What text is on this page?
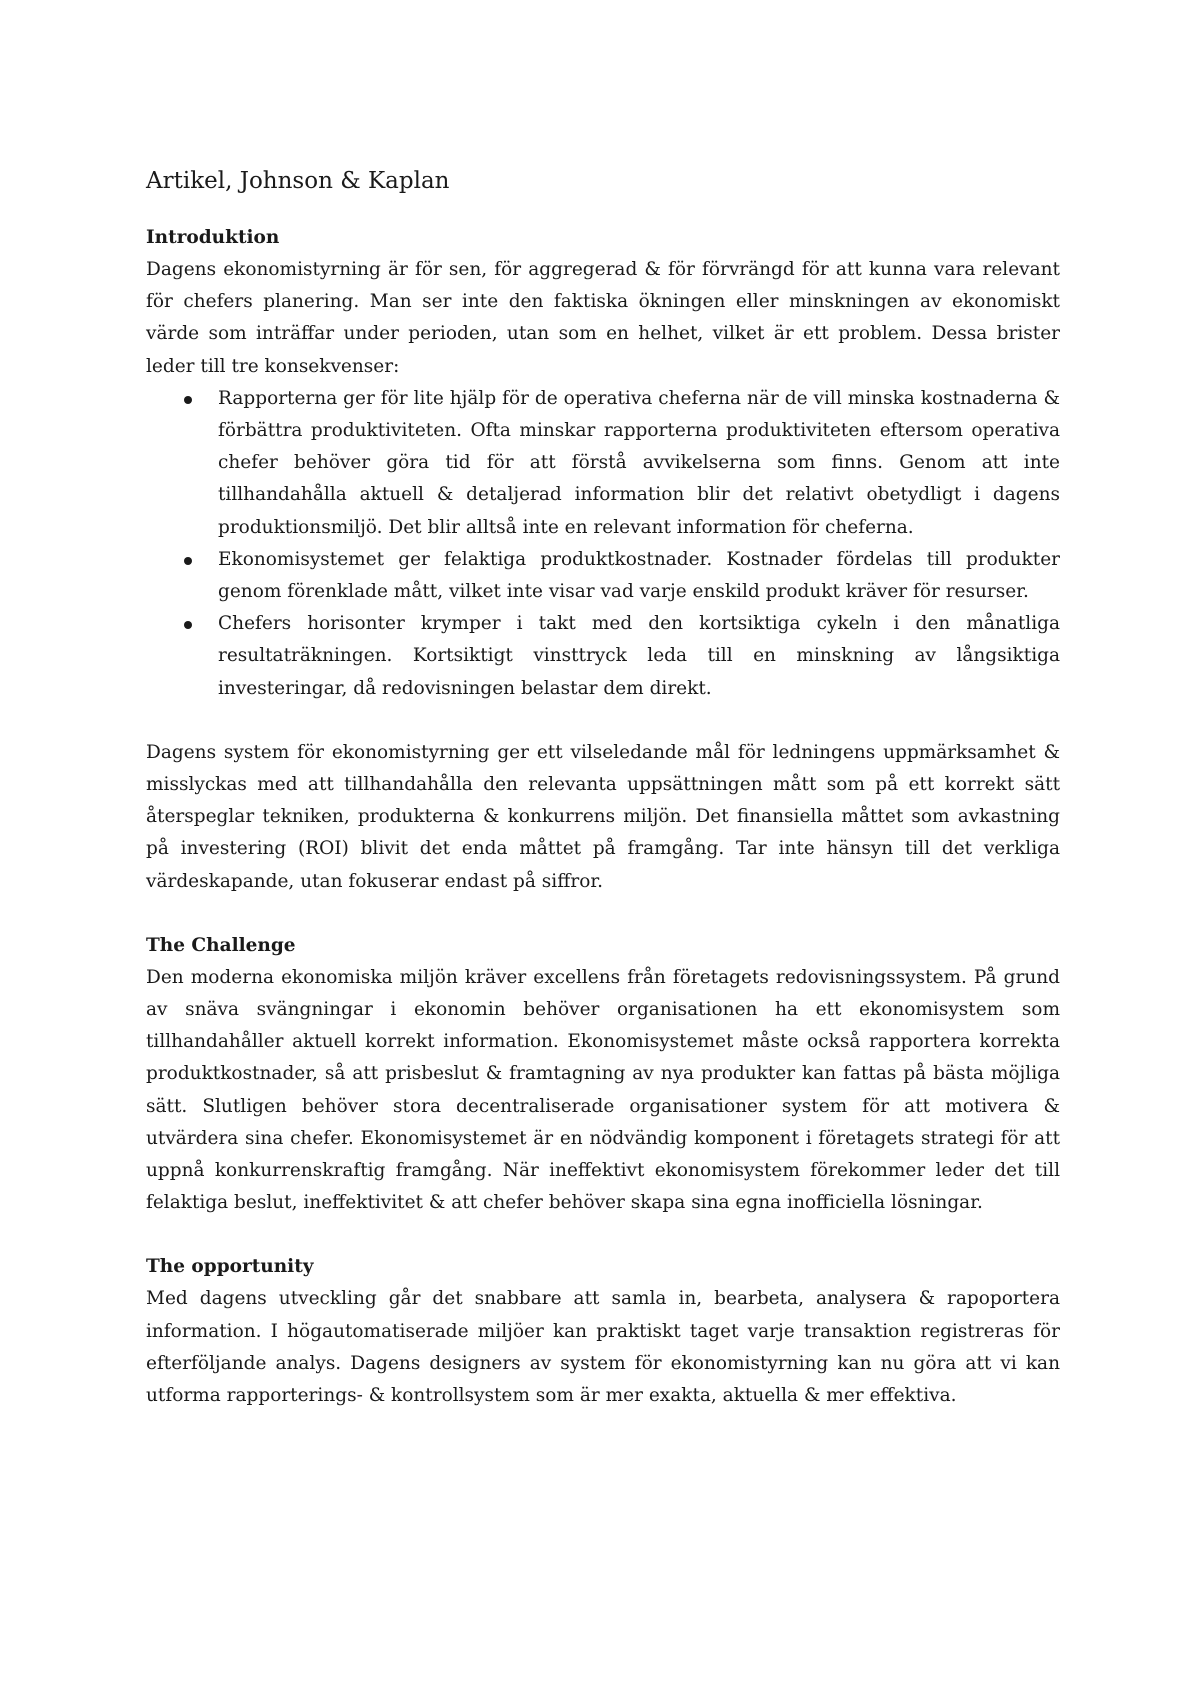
Artikel, Johnson & Kaplan
Introduktion

Dagens ekonomistyrning är för sen, för aggregerad & för förvrängd för att kunna vara relevant för chefers planering. Man ser inte den faktiska ökningen eller minskningen av ekonomiskt värde som inträffar under perioden, utan som en helhet, vilket är ett problem. Dessa brister leder till tre konsekvenser:

Rapporterna ger för lite hjälp för de operativa cheferna när de vill minska kostnaderna & förbättra produktiviteten. Ofta minskar rapporterna produktiviteten eftersom operativa chefer behöver göra tid för att förstå avvikelserna som finns. Genom att inte tillhandahålla aktuell & detaljerad information blir det relativt obetydligt i dagens produktionsmiljö. Det blir alltså inte en relevant information för cheferna.
Ekonomisystemet ger felaktiga produktkostnader. Kostnader fördelas till produkter genom förenklade mått, vilket inte visar vad varje enskild produkt kräver för resurser.
Chefers horisonter krymper i takt med den kortsiktiga cykeln i den månatliga resultaträkningen. Kortsiktigt vinsttryck leda till en minskning av långsiktiga investeringar, då redovisningen belastar dem direkt.

Dagens system för ekonomistyrning ger ett vilseledande mål för ledningens uppmärksamhet & misslyckas med att tillhandahålla den relevanta uppsättningen mått som på ett korrekt sätt återspeglar tekniken, produkterna & konkurrens miljön. Det finansiella måttet som avkastning på investering (ROI) blivit det enda måttet på framgång. Tar inte hänsyn till det verkliga värdeskapande, utan fokuserar endast på siffror.

The Challenge

Den moderna ekonomiska miljön kräver excellens från företagets redovisningssystem. På grund av snäva svängningar i ekonomin behöver organisationen ha ett ekonomisystem som tillhandahåller aktuell korrekt information. Ekonomisystemet måste också rapportera korrekta produktkostnader, så att prisbeslut & framtagning av nya produkter kan fattas på bästa möjliga sätt. Slutligen behöver stora decentraliserade organisationer system för att motivera & utvärdera sina chefer. Ekonomisystemet är en nödvändig komponent i företagets strategi för att uppnå konkurrenskraftig framgång. När ineffektivt ekonomisystem förekommer leder det till felaktiga beslut, ineffektivitet & att chefer behöver skapa sina egna inofficiella lösningar.

The opportunity

Med dagens utveckling går det snabbare att samla in, bearbeta, analysera & rapoportera information. I högautomatiserade miljöer kan praktiskt taget varje transaktion registreras för efterföljande analys. Dagens designers av system för ekonomistyrning kan nu göra att vi kan utforma rapporterings- & kontrollsystem som är mer exakta, aktuella & mer effektiva.
